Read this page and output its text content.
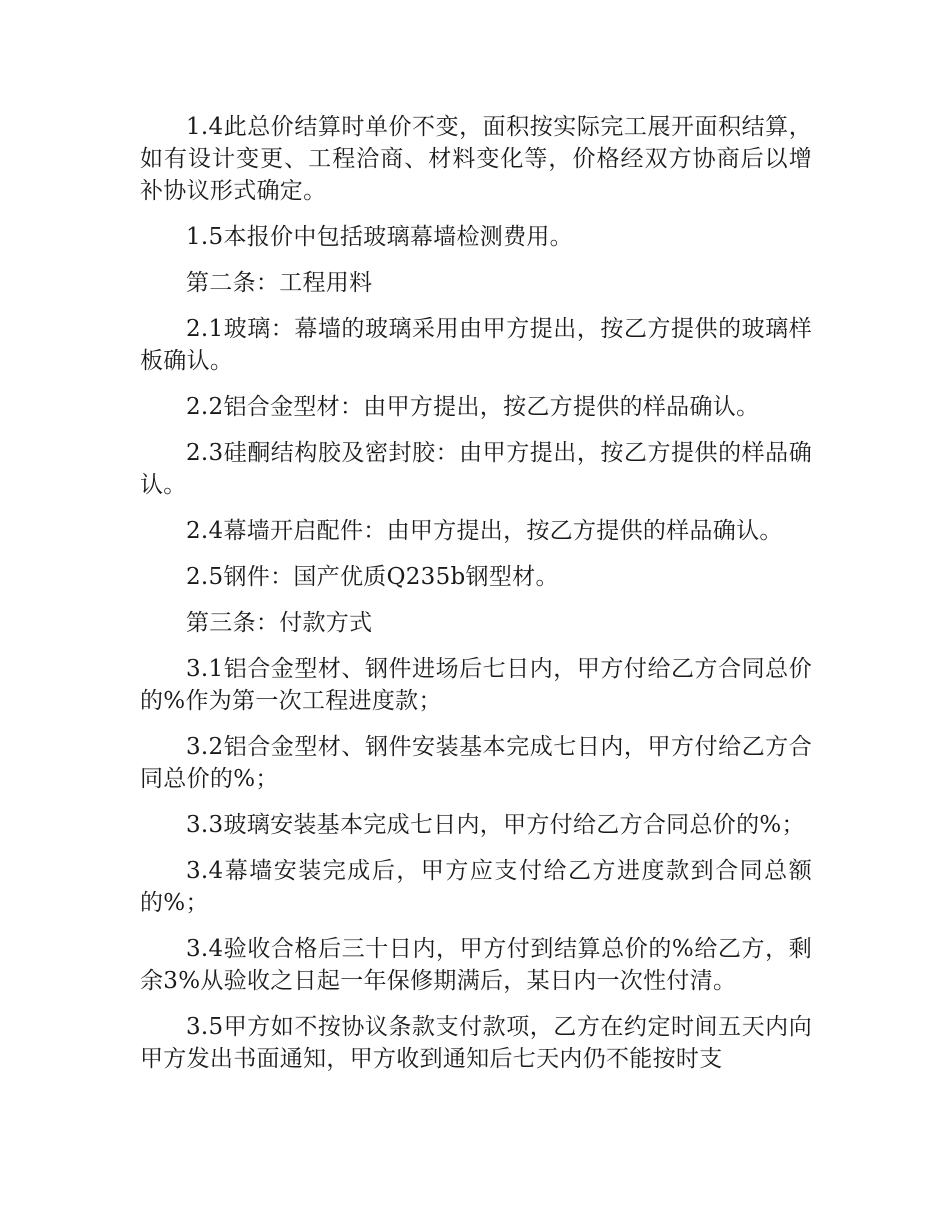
1.4此总价结算时单价不变，面积按实际完工展开面积结算，如有设计变更、工程洽商、材料变化等，价格经双方协商后以增补协议形式确定。

1.5本报价中包括玻璃幕墙检测费用。

第二条：工程用料

2.1玻璃：幕墙的玻璃采用由甲方提出，按乙方提供的玻璃样板确认。

2.2铝合金型材：由甲方提出，按乙方提供的样品确认。

2.3硅酮结构胶及密封胶：由甲方提出，按乙方提供的样品确认。

2.4幕墙开启配件：由甲方提出，按乙方提供的样品确认。

2.5钢件：国产优质Q235b钢型材。

第三条：付款方式

3.1铝合金型材、钢件进场后七日内，甲方付给乙方合同总价的%作为第一次工程进度款；

3.2铝合金型材、钢件安装基本完成七日内，甲方付给乙方合同总价的%；

3.3玻璃安装基本完成七日内，甲方付给乙方合同总价的%；

3.4幕墙安装完成后，甲方应支付给乙方进度款到合同总额的%；

3.4验收合格后三十日内，甲方付到结算总价的%给乙方，剩余3%从验收之日起一年保修期满后，某日内一次性付清。

3.5甲方如不按协议条款支付款项，乙方在约定时间五天内向甲方发出书面通知，甲方收到通知后七天内仍不能按时支
